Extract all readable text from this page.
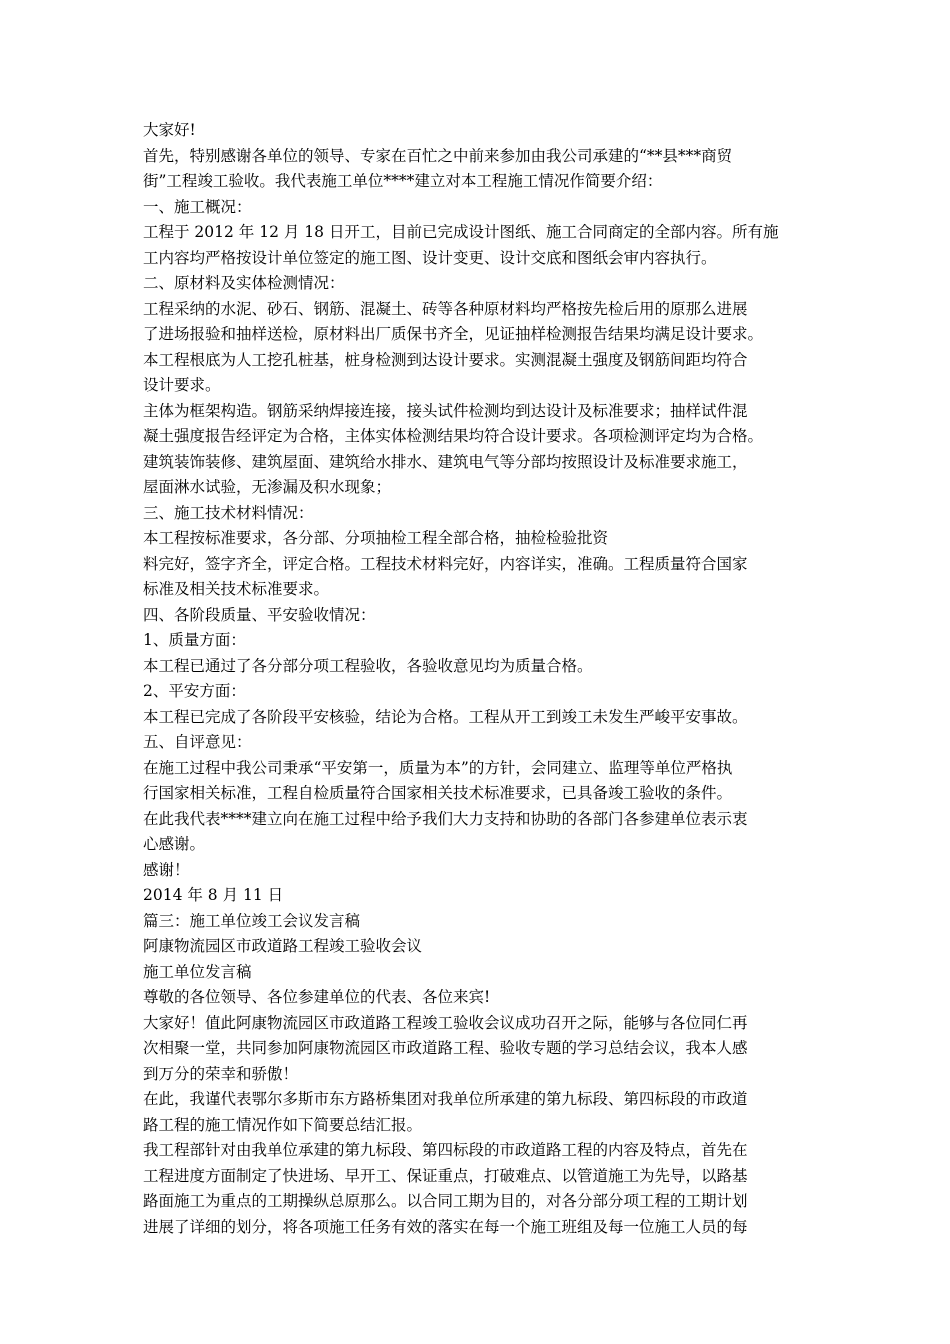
大家好!
首先，特别感谢各单位的领导、专家在百忙之中前来参加由我公司承建的“**县***商贸
街”工程竣工验收。我代表施工单位****建立对本工程施工情况作简要介绍：
一、施工概况：
工程于 2012 年 12 月 18 日开工，目前已完成设计图纸、施工合同商定的全部内容。所有施
工内容均严格按设计单位签定的施工图、设计变更、设计交底和图纸会审内容执行。
二、原材料及实体检测情况：
工程采纳的水泥、砂石、钢筋、混凝土、砖等各种原材料均严格按先检后用的原那么进展
了进场报验和抽样送检，原材料出厂质保书齐全，见证抽样检测报告结果均满足设计要求。
本工程根底为人工挖孔桩基，桩身检测到达设计要求。实测混凝土强度及钢筋间距均符合
设计要求。
主体为框架构造。钢筋采纳焊接连接，接头试件检测均到达设计及标准要求；抽样试件混
凝土强度报告经评定为合格，主体实体检测结果均符合设计要求。各项检测评定均为合格。
建筑装饰装修、建筑屋面、建筑给水排水、建筑电气等分部均按照设计及标准要求施工，
屋面淋水试验，无渗漏及积水现象；
三、施工技术材料情况：
本工程按标准要求，各分部、分项抽检工程全部合格，抽检检验批资
料完好，签字齐全，评定合格。工程技术材料完好，内容详实，准确。工程质量符合国家
标准及相关技术标准要求。
四、各阶段质量、平安验收情况：
1、质量方面：
本工程已通过了各分部分项工程验收，各验收意见均为质量合格。
2、平安方面：
本工程已完成了各阶段平安核验，结论为合格。工程从开工到竣工未发生严峻平安事故。
五、自评意见：
在施工过程中我公司秉承“平安第一，质量为本”的方针，会同建立、监理等单位严格执
行国家相关标准，工程自检质量符合国家相关技术标准要求，已具备竣工验收的条件。
在此我代表****建立向在施工过程中给予我们大力支持和协助的各部门各参建单位表示衷
心感谢。
感谢！
2014 年 8 月 11 日
篇三：施工单位竣工会议发言稿
阿康物流园区市政道路工程竣工验收会议
施工单位发言稿
尊敬的各位领导、各位参建单位的代表、各位来宾!
大家好！值此阿康物流园区市政道路工程竣工验收会议成功召开之际，能够与各位同仁再
次相聚一堂，共同参加阿康物流园区市政道路工程、验收专题的学习总结会议，我本人感
到万分的荣幸和骄傲！
在此，我谨代表鄂尔多斯市东方路桥集团对我单位所承建的第九标段、第四标段的市政道
路工程的施工情况作如下简要总结汇报。
我工程部针对由我单位承建的第九标段、第四标段的市政道路工程的内容及特点，首先在
工程进度方面制定了快进场、早开工、保证重点，打破难点、以管道施工为先导，以路基
路面施工为重点的工期操纵总原那么。以合同工期为目的，对各分部分项工程的工期计划
进展了详细的划分，将各项施工任务有效的落实在每一个施工班组及每一位施工人员的每
